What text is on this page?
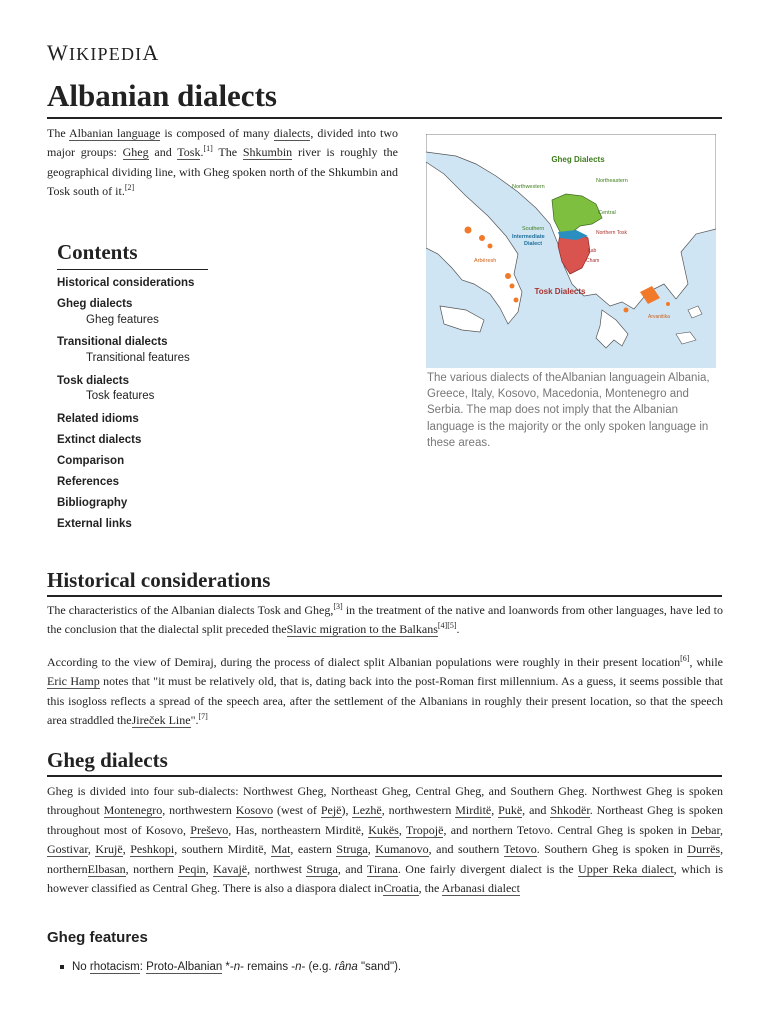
WIKIPEDIA
Albanian dialects

The Albanian language is composed of many dialects, divided into two major groups: Gheg and Tosk.[1] The Shkumbin river is roughly the geographical dividing line, with Gheg spoken north of the Shkumbin and Tosk south of it.[2]

Contents
Historical considerations
Gheg dialects
Gheg features
Transitional dialects
Transitional features
Tosk dialects
Tosk features
Related idioms
Extinct dialects
Comparison
References
Bibliography
External links
Gheg Dialects
Northwestern
Northeastern
Central
Southern
Intermediate
Dialect
Northern Tosk
Lab
Cham
Arbëresh
Tosk Dialects
Arvanitika
The various dialects of theAlbanian languagein Albania, Greece, Italy, Kosovo, Macedonia, Montenegro and Serbia. The map does not imply that the Albanian language is the majority or the only spoken language in these areas.
Historical considerations

The characteristics of the Albanian dialects Tosk and Gheg,[3] in the treatment of the native and loanwords from other languages, have led to the conclusion that the dialectal split preceded theSlavic migration to the Balkans[4][5].

According to the view of Demiraj, during the process of dialect split Albanian populations were roughly in their present location[6], while Eric Hamp notes that "it must be relatively old, that is, dating back into the post-Roman first millennium. As a guess, it seems possible that this isogloss reflects a spread of the speech area, after the settlement of the Albanians in roughly their present location, so that the speech area straddled theJireček Line".[7]

Gheg dialects

Gheg is divided into four sub-dialects: Northwest Gheg, Northeast Gheg, Central Gheg, and Southern Gheg. Northwest Gheg is spoken throughout Montenegro, northwestern Kosovo (west of Pejë), Lezhë, northwestern Mirditë, Pukë, and Shkodër. Northeast Gheg is spoken throughout most of Kosovo, Preševo, Has, northeastern Mirditë, Kukës, Tropojë, and northern Tetovo. Central Gheg is spoken in Debar, Gostivar, Krujë, Peshkopi, southern Mirditë, Mat, eastern Struga, Kumanovo, and southern Tetovo. Southern Gheg is spoken in Durrës, northernElbasan, northern Peqin, Kavajë, northwest Struga, and Tirana. One fairly divergent dialect is the Upper Reka dialect, which is however classified as Central Gheg. There is also a diaspora dialect inCroatia, the Arbanasi dialect

Gheg features
No rhotacism: Proto-Albanian *-n- remains -n- (e.g. râna "sand").
